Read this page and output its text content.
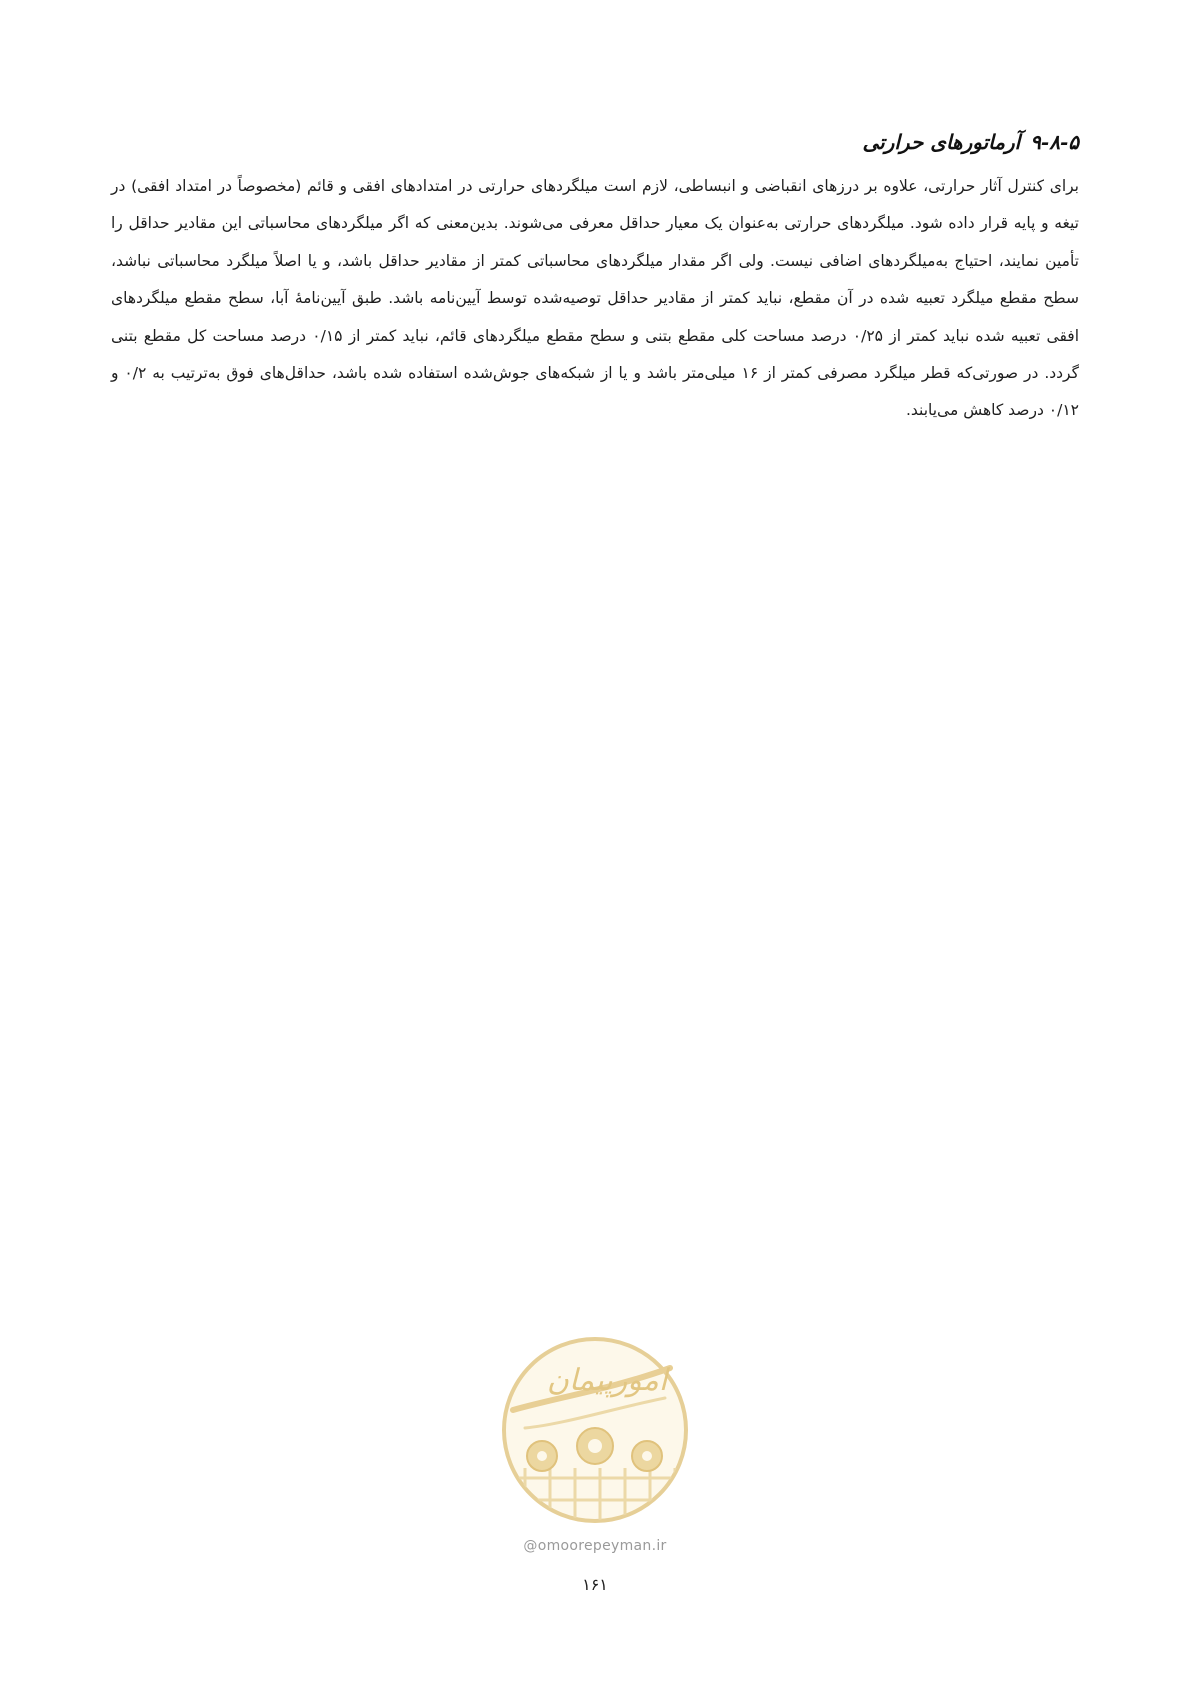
۹-۸-۵
آرماتورهای حرارتی

برای کنترل آثار حرارتی، علاوه بر درزهای انقباضی و انبساطی، لازم است میلگردهای حرارتی در امتدادهای افقی و قائم (مخصوصاً در امتداد افقی) در تیغه و پایه قرار داده شود. میلگردهای حرارتی به‌عنوان یک معیار حداقل معرفی می‌شوند. بدین‌معنی که اگر میلگردهای محاسباتی این مقادیر حداقل را تأمین نمایند، احتیاج به‌میلگردهای اضافی نیست. ولی اگر مقدار میلگردهای محاسباتی کمتر از مقادیر حداقل باشد، و یا اصلاً میلگرد محاسباتی نباشد، سطح مقطع میلگرد تعبیه شده در آن مقطع، نباید کمتر از مقادیر حداقل توصیه‌شده توسط آیین‌نامه باشد. طبق آیین‌نامهٔ آبا، سطح مقطع میلگردهای افقی تعبیه شده نباید کمتر از ۰/۲۵ درصد مساحت کلی مقطع بتنی و سطح مقطع میلگردهای قائم، نباید کمتر از ۰/۱۵ درصد مساحت کل مقطع بتنی گردد. در صورتی‌که قطر میلگرد مصرفی کمتر از ۱۶ میلی‌متر باشد و یا از شبکه‌های جوش‌شده استفاده شده باشد، حداقل‌های فوق به‌ترتیب به ۰/۲ و ۰/۱۲ درصد کاهش می‌یابند.

امورپیمان
@omoorepeyman.ir
۱۶۱
